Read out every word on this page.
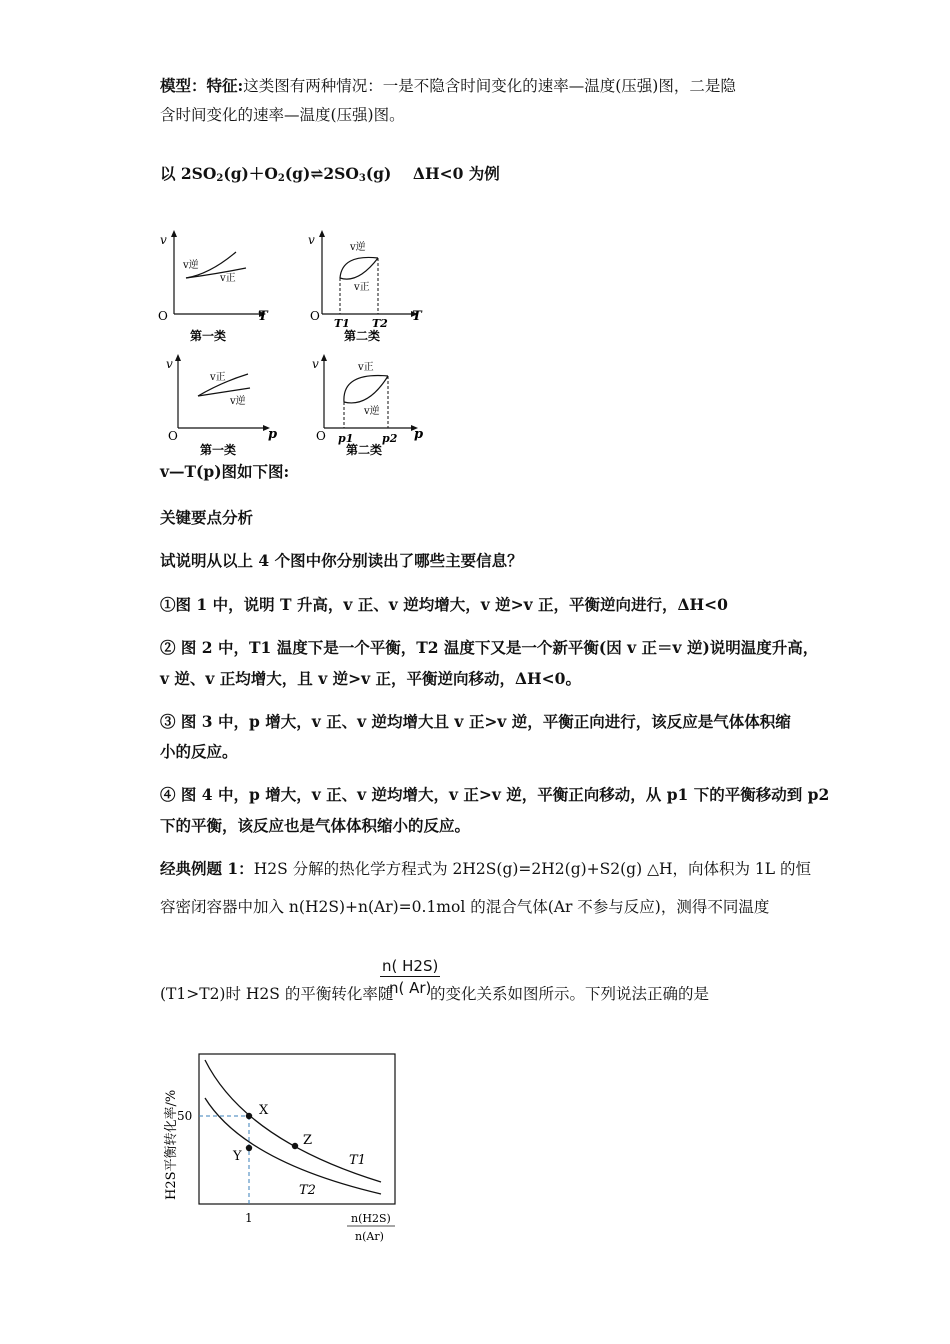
模型：特征:这类图有两种情况：一是不隐含时间变化的速率—温度(压强)图，二是隐
含时间变化的速率—温度(压强)图。
以 $2SO_2(g)+O_2(g)\rightleftharpoons 2SO_3(g)$ ΔH<0 为例
v
T
O
v逆
v正
第一类
v
T
O
v逆
v正
T1 T2
第二类
v
p
O
v正
v逆
第一类
v
p
O
v正
v逆
p1	p2
第二类
v—T(p)图如下图:
关键要点分析
试说明从以上 4 个图中你分别读出了哪些主要信息？
①图 1 中，说明 T 升高，v 正、v 逆均增大，v 逆>v 正，平衡逆向进行，ΔH<0
② 图 2 中，T1 温度下是一个平衡，T2 温度下又是一个新平衡(因 v 正＝v 逆)说明温度升高，
v 逆、v 正均增大，且 v 逆>v 正，平衡逆向移动，ΔH<0。
③ 图 3 中，p 增大，v 正、v 逆均增大且 v 正>v 逆，平衡正向进行，该反应是气体体积缩
小的反应。
④ 图 4 中，p 增大，v 正、v 逆均增大，v 正>v 逆，平衡正向移动，从 p1 下的平衡移动到 p2
下的平衡，该反应也是气体体积缩小的反应。
经典例题 1：H2S 分解的热化学方程式为 2H2S(g)=2H2(g)+S2(g) △H，向体积为 1L 的恒
容密闭容器中加入 n(H2S)+n(Ar)=0.1mol 的混合气体(Ar 不参与反应)，测得不同温度
$\frac{n( H2S)}{n( Ar)}$
(T1>T2)时 H2S 的平衡转化率随 的变化关系如图所示。下列说法正确的是
X
Y
Z
T1
T2
50
1	n(H2S)
n(Ar)
H2S平衡转化率/%
